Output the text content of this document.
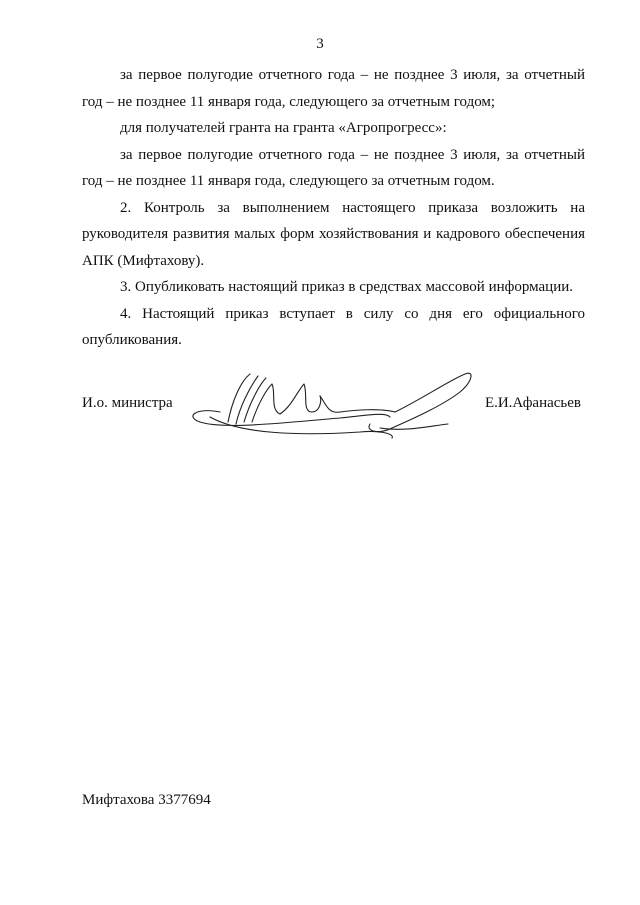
3

за первое полугодие отчетного года – не позднее 3 июля, за отчетный год – не позднее 11 января года, следующего за отчетным годом;

для получателей гранта на гранта «Агропрогресс»:

за первое полугодие отчетного года – не позднее 3 июля, за отчетный год – не позднее 11 января года, следующего за отчетным годом.

2. Контроль за выполнением настоящего приказа возложить на руководителя развития малых форм хозяйствования и кадрового обеспечения АПК (Мифтахову).

3. Опубликовать настоящий приказ в средствах массовой информации.

4. Настоящий приказ вступает в силу со дня его официального опубликования.

И.о. министра	Е.И.Афанасьев
Мифтахова 3377694
